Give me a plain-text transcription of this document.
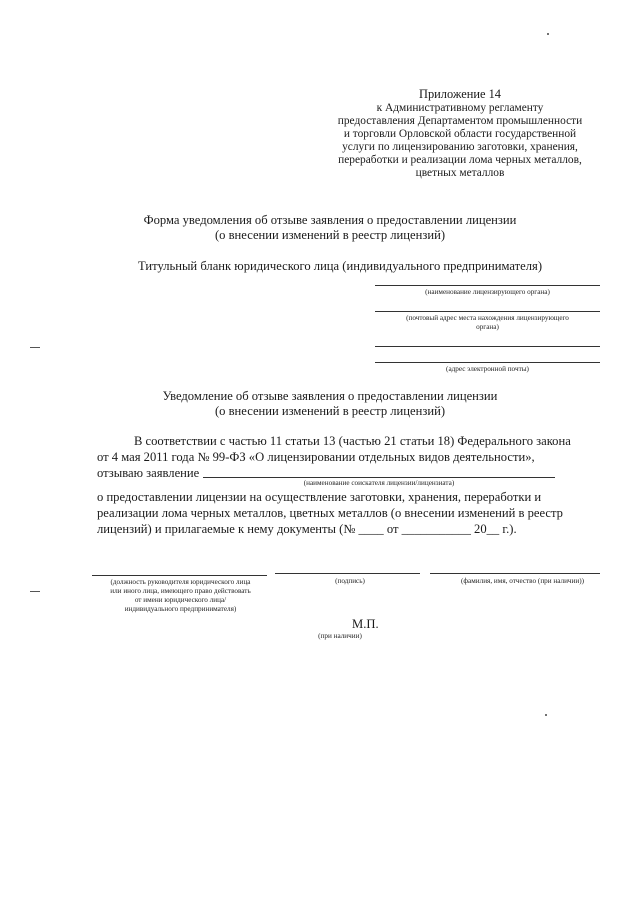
Приложение 14
к Административному регламенту
предоставления Департаментом промышленности
и торговли Орловской области государственной
услуги по лицензированию заготовки, хранения,
переработки и реализации лома черных металлов,
цветных металлов
Форма уведомления об отзыве заявления о предоставлении лицензии
(о внесении изменений в реестр лицензий)
Титульный бланк юридического лица (индивидуального предпринимателя)
(наименование лицензирующего органа)
(почтовый адрес места нахождения лицензирующего
органа)
(адрес электронной почты)
Уведомление об отзыве заявления о предоставлении лицензии
(о внесении изменений в реестр лицензий)
В соответствии с частью 11 статьи 13 (частью 21 статьи 18) Федерального закона
от 4 мая 2011 года № 99-ФЗ «О лицензировании отдельных видов деятельности»,
отзываю заявление
(наименование соискателя лицензии/лицензиата)
о предоставлении лицензии на осуществление заготовки, хранения, переработки и
реализации лома черных металлов, цветных металлов (о внесении изменений в реестр
лицензий) и прилагаемые к нему документы (№ ____ от ___________ 20__ г.).
(должность руководителя юридического лица
или иного лица, имеющего право действовать
от имени юридического лица/
индивидуального предпринимателя)
(подпись)	(фамилия, имя, отчество (при наличии))
М.П.
(при наличии)
